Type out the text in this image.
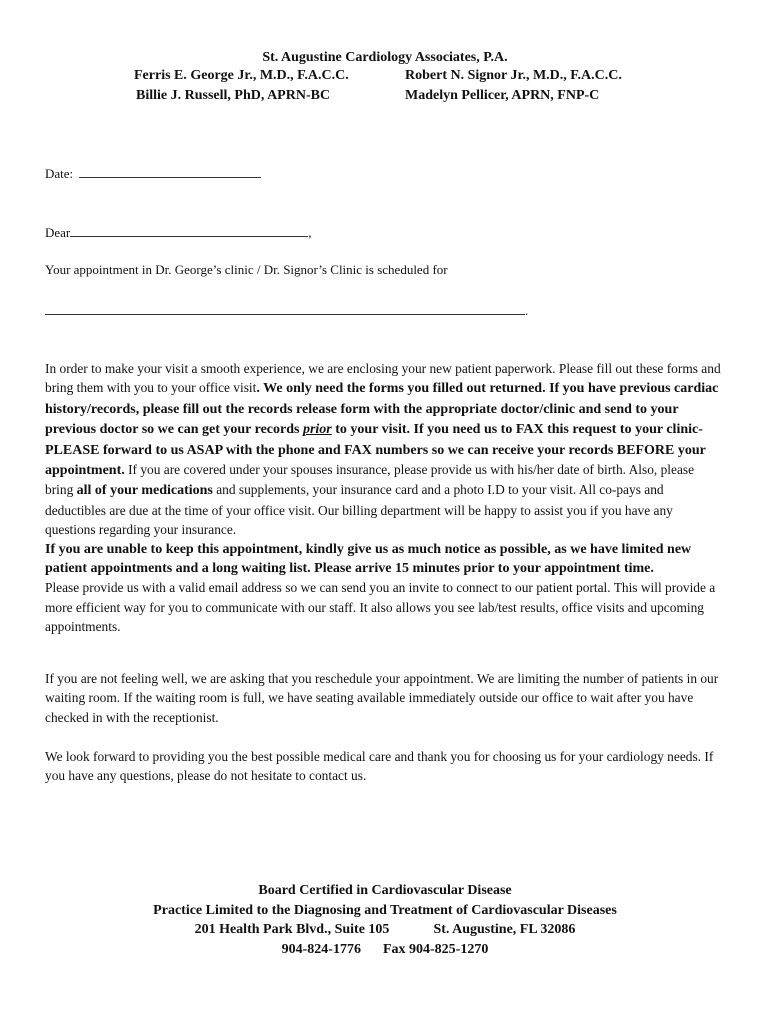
St. Augustine Cardiology Associates, P.A.
Ferris E. George Jr., M.D., F.A.C.C.	Robert N. Signor Jr., M.D., F.A.C.C.
Billie J. Russell, PhD, APRN-BC	Madelyn Pellicer, APRN, FNP-C
Date:
Dear	,
Your appointment in Dr. George’s clinic / Dr. Signor’s Clinic is scheduled for
.

In order to make your visit a smooth experience, we are enclosing your new patient paperwork. Please fill out these forms and bring them with you to your office visit. We only need the forms you filled out returned. If you have previous cardiac history/records, please fill out the records release form with the appropriate doctor/clinic and send to your previous doctor so we can get your records prior to your visit. If you need us to FAX this request to your clinic- PLEASE forward to us ASAP with the phone and FAX numbers so we can receive your records BEFORE your appointment. If you are covered under your spouses insurance, please provide us with his/her date of birth. Also, please bring all of your medications and supplements, your insurance card and a photo I.D to your visit. All co-pays and deductibles are due at the time of your office visit. Our billing department will be happy to assist you if you have any questions regarding your insurance.

If you are unable to keep this appointment, kindly give us as much notice as possible, as we have limited new patient appointments and a long waiting list. Please arrive 15 minutes prior to your appointment time.

Please provide us with a valid email address so we can send you an invite to connect to our patient portal. This will provide a more efficient way for you to communicate with our staff. It also allows you see lab/test results, office visits and upcoming appointments.

If you are not feeling well, we are asking that you reschedule your appointment. We are limiting the number of patients in our waiting room. If the waiting room is full, we have seating available immediately outside our office to wait after you have checked in with the receptionist.
We look forward to providing you the best possible medical care and thank you for choosing us for your cardiology needs. If you have any questions, please do not hesitate to contact us.
Board Certified in Cardiovascular Disease
Practice Limited to the Diagnosing and Treatment of Cardiovascular Diseases
201 Health Park Blvd., Suite 105	St. Augustine, FL 32086
904-824-1776 Fax 904-825-1270
